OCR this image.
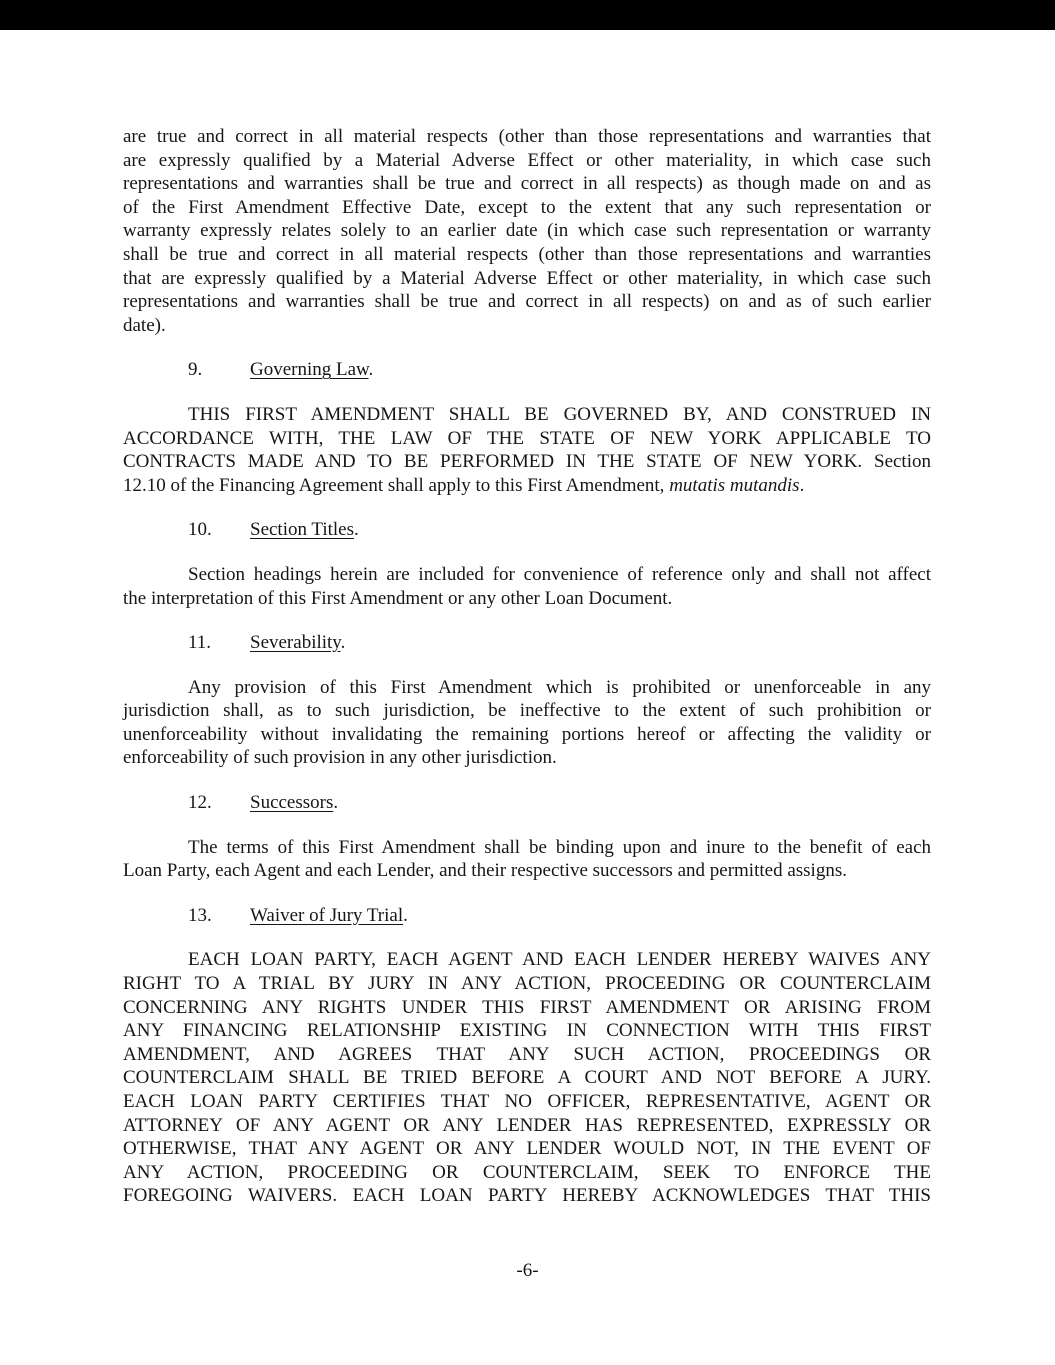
are true and correct in all material respects (other than those representations and warranties that
are expressly qualified by a Material Adverse Effect or other materiality, in which case such
representations and warranties shall be true and correct in all respects) as though made on and as
of the First Amendment Effective Date, except to the extent that any such representation or
warranty expressly relates solely to an earlier date (in which case such representation or warranty
shall be true and correct in all material respects (other than those representations and warranties
that are expressly qualified by a Material Adverse Effect or other materiality, in which case such
representations and warranties shall be true and correct in all respects) on and as of such earlier
date).
9.	Governing Law.
THIS FIRST AMENDMENT SHALL BE GOVERNED BY, AND CONSTRUED IN
ACCORDANCE WITH, THE LAW OF THE STATE OF NEW YORK APPLICABLE TO
CONTRACTS MADE AND TO BE PERFORMED IN THE STATE OF NEW YORK. Section
12.10 of the Financing Agreement shall apply to this First Amendment, mutatis mutandis.
10. Section Titles.
Section headings herein are included for convenience of reference only and shall not affect
the interpretation of this First Amendment or any other Loan Document.
11. Severability.
Any provision of this First Amendment which is prohibited or unenforceable in any
jurisdiction shall, as to such jurisdiction, be ineffective to the extent of such prohibition or
unenforceability without invalidating the remaining portions hereof or affecting the validity or
enforceability of such provision in any other jurisdiction.
12. Successors.
The terms of this First Amendment shall be binding upon and inure to the benefit of each
Loan Party, each Agent and each Lender, and their respective successors and permitted assigns.
13. Waiver of Jury Trial.
EACH LOAN PARTY, EACH AGENT AND EACH LENDER HEREBY WAIVES ANY
RIGHT TO A TRIAL BY JURY IN ANY ACTION, PROCEEDING OR COUNTERCLAIM
CONCERNING ANY RIGHTS UNDER THIS FIRST AMENDMENT OR ARISING FROM
ANY FINANCING RELATIONSHIP EXISTING IN CONNECTION WITH THIS FIRST
AMENDMENT, AND AGREES THAT ANY SUCH ACTION, PROCEEDINGS OR
COUNTERCLAIM SHALL BE TRIED BEFORE A COURT AND NOT BEFORE A JURY.
EACH LOAN PARTY CERTIFIES THAT NO OFFICER, REPRESENTATIVE, AGENT OR
ATTORNEY OF ANY AGENT OR ANY LENDER HAS REPRESENTED, EXPRESSLY OR
OTHERWISE, THAT ANY AGENT OR ANY LENDER WOULD NOT, IN THE EVENT OF
ANY ACTION, PROCEEDING OR COUNTERCLAIM, SEEK TO ENFORCE THE
FOREGOING WAIVERS. EACH LOAN PARTY HEREBY ACKNOWLEDGES THAT THIS
-6-
